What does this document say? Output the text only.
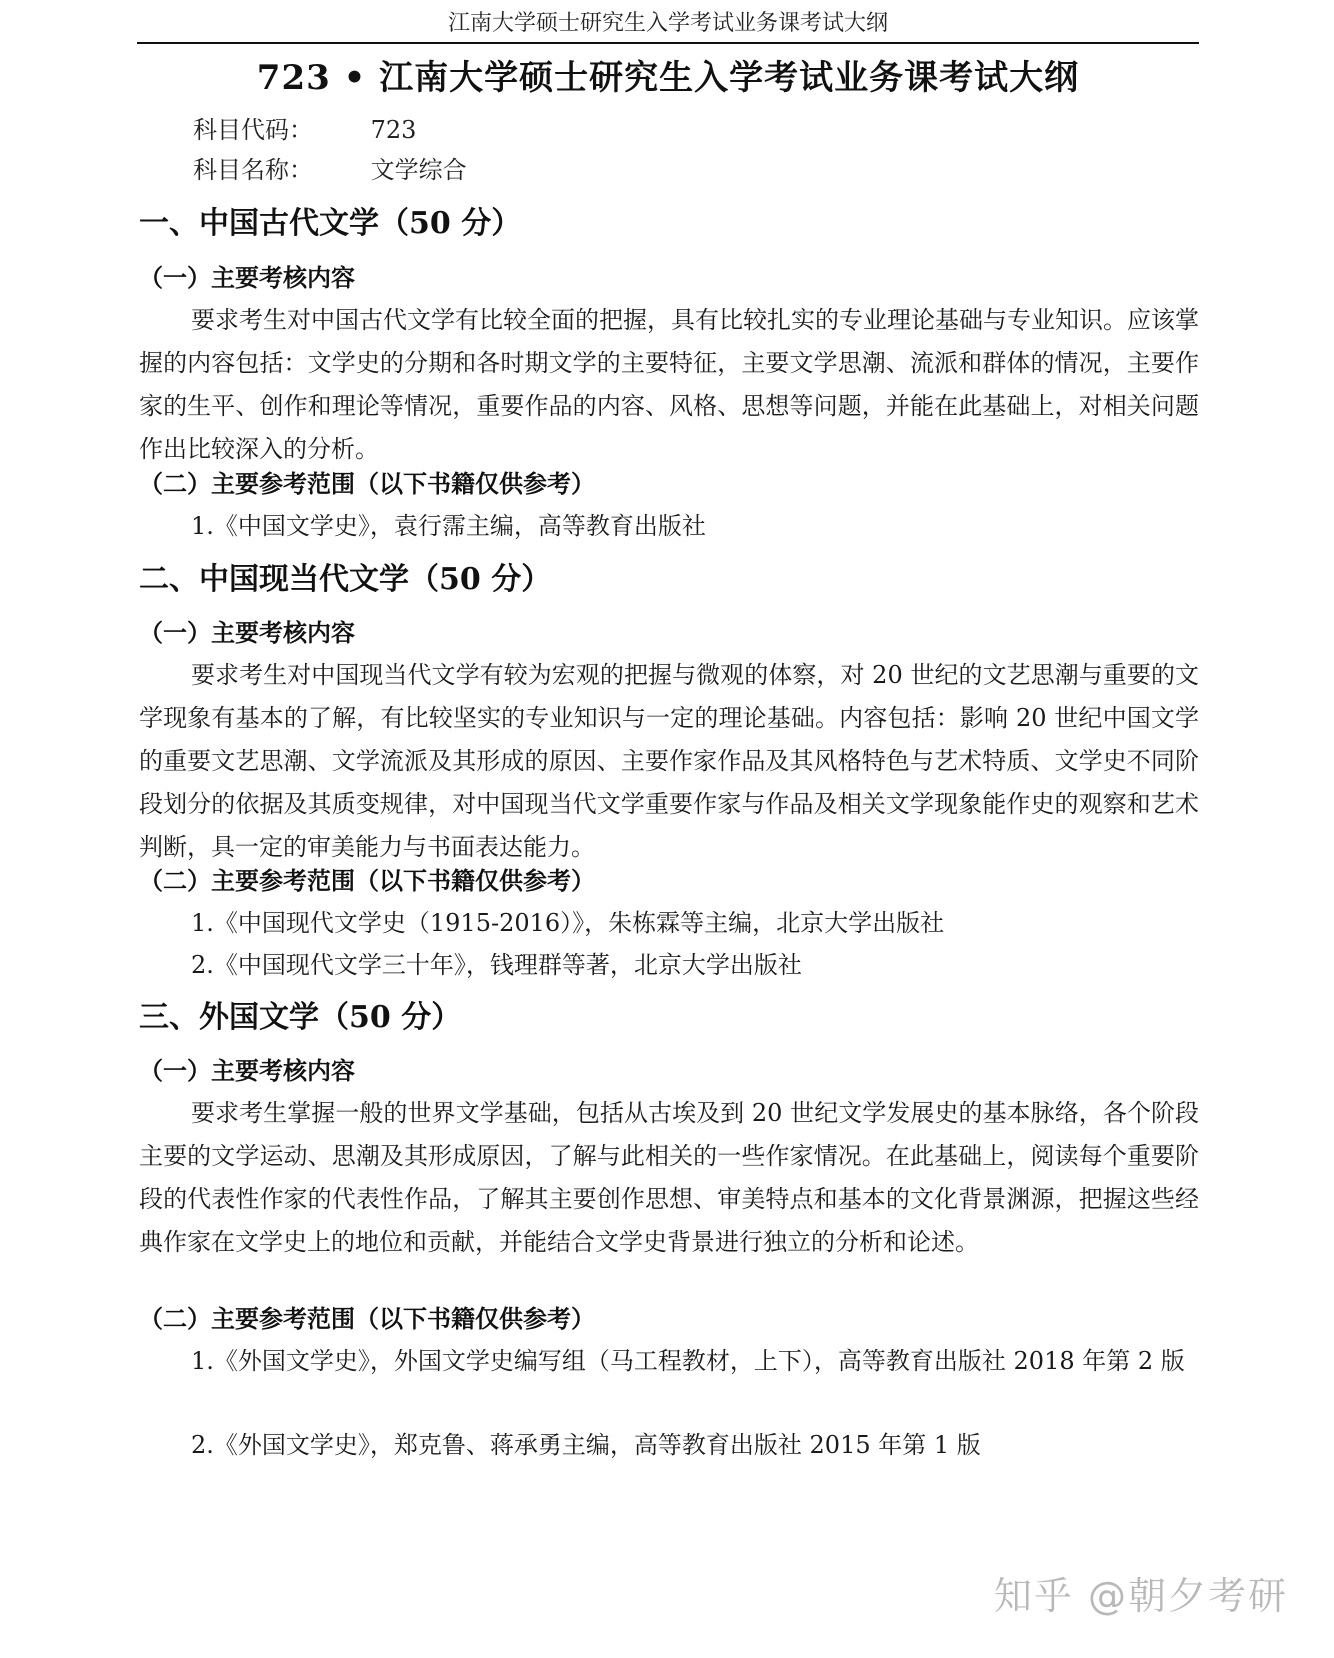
江南大学硕士研究生入学考试业务课考试大纲
723 • 江南大学硕士研究生入学考试业务课考试大纲
科目代码： 723
科目名称： 文学综合
一、中国古代文学（50 分）
（一）主要考核内容

要求考生对中国古代文学有比较全面的把握，具有比较扎实的专业理论基础与专业知识。应该掌握的内容包括：文学史的分期和各时期文学的主要特征，主要文学思潮、流派和群体的情况，主要作家的生平、创作和理论等情况，重要作品的内容、风格、思想等问题，并能在此基础上，对相关问题作出比较深入的分析。

（二）主要参考范围（以下书籍仅供参考）

1.《中国文学史》，袁行霈主编，高等教育出版社

二、中国现当代文学（50 分）
（一）主要考核内容

要求考生对中国现当代文学有较为宏观的把握与微观的体察，对 20 世纪的文艺思潮与重要的文学现象有基本的了解，有比较坚实的专业知识与一定的理论基础。内容包括：影响 20 世纪中国文学的重要文艺思潮、文学流派及其形成的原因、主要作家作品及其风格特色与艺术特质、文学史不同阶段划分的依据及其质变规律，对中国现当代文学重要作家与作品及相关文学现象能作史的观察和艺术判断，具一定的审美能力与书面表达能力。

（二）主要参考范围（以下书籍仅供参考）

1.《中国现代文学史（1915-2016）》，朱栋霖等主编，北京大学出版社

2.《中国现代文学三十年》，钱理群等著，北京大学出版社

三、外国文学（50 分）
（一）主要考核内容

要求考生掌握一般的世界文学基础，包括从古埃及到 20 世纪文学发展史的基本脉络，各个阶段主要的文学运动、思潮及其形成原因，了解与此相关的一些作家情况。在此基础上，阅读每个重要阶段的代表性作家的代表性作品，了解其主要创作思想、审美特点和基本的文化背景渊源，把握这些经典作家在文学史上的地位和贡献，并能结合文学史背景进行独立的分析和论述。

（二）主要参考范围（以下书籍仅供参考）

1.《外国文学史》，外国文学史编写组（马工程教材，上下），高等教育出版社 2018 年第 2 版

2.《外国文学史》，郑克鲁、蒋承勇主编，高等教育出版社 2015 年第 1 版

知乎 @朝夕考研
